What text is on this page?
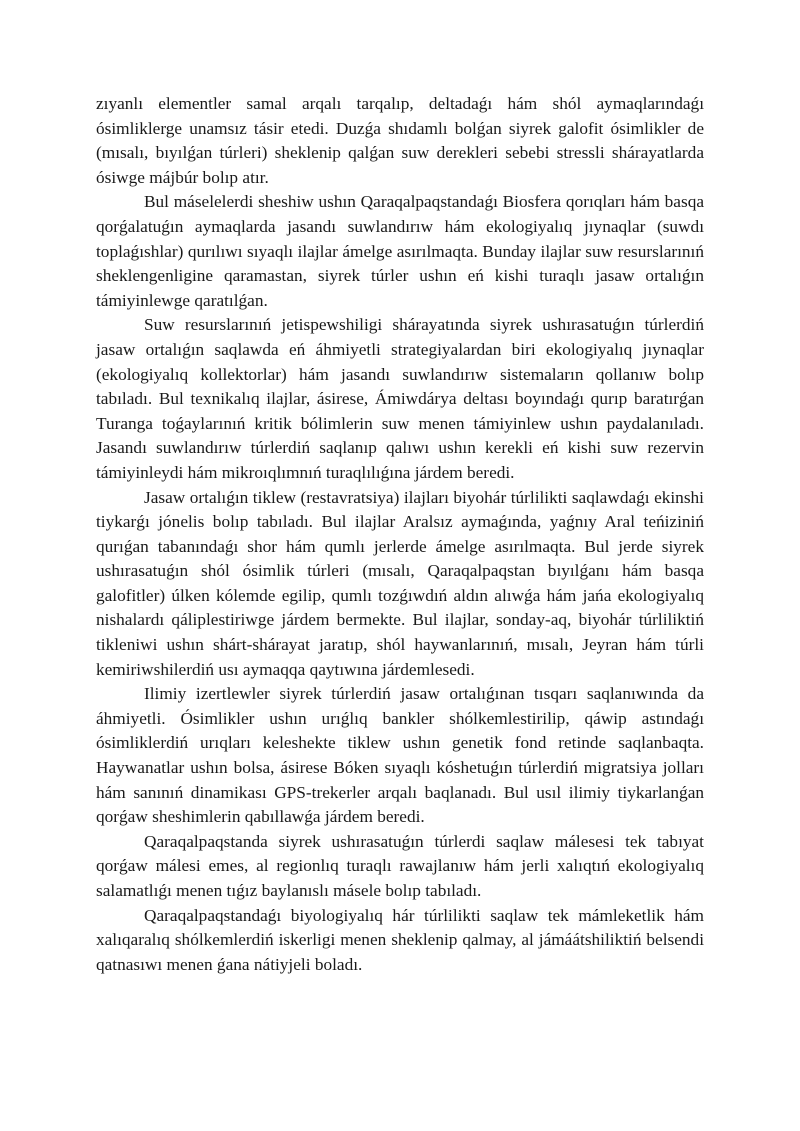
zıyanlı elementler samal arqalı tarqalıp, deltadaǵı hám shól aymaqlarındaǵı ósimliklerge unamsız tásir etedi. Duzǵa shıdamlı bolǵan siyrek galofit ósimlikler de (mısalı, bıyılǵan túrleri) sheklenip qalǵan suw derekleri sebebi stressli shárayatlarda ósiwge májbúr bolıp atır.

Bul máselelerdi sheshiw ushın Qaraqalpaqstandaǵı Biosfera qorıqları hám basqa qorǵalatuǵın aymaqlarda jasandı suwlandırıw hám ekologiyalıq jıynaqlar (suwdı toplaǵıshlar) qurılıwı sıyaqlı ilajlar ámelge asırılmaqta. Bunday ilajlar suw resurslarınıń sheklengenligine qaramastan, siyrek túrler ushın eń kishi turaqlı jasaw ortalıǵın támiyinlewge qaratılǵan.

Suw resurslarınıń jetispewshiligi shárayatında siyrek ushırasatuǵın túrlerdiń jasaw ortalıǵın saqlawda eń áhmiyetli strategiyalardan biri ekologiyalıq jıynaqlar (ekologiyalıq kollektorlar) hám jasandı suwlandırıw sistemaların qollanıw bolıp tabıladı. Bul texnikalıq ilajlar, ásirese, Ámiwdárya deltası boyındaǵı qurıp baratırǵan Turanga toǵaylarınıń kritik bólimlerin suw menen támiyinlew ushın paydalanıladı. Jasandı suwlandırıw túrlerdiń saqlanıp qalıwı ushın kerekli eń kishi suw rezervin támiyinleydi hám mikroıqlımnıń turaqlılıǵına járdem beredi.

Jasaw ortalıǵın tiklew (restavratsiya) ilajları biyohár túrlilikti saqlawdaǵı ekinshi tiykarǵı jónelis bolıp tabıladı. Bul ilajlar Aralsız aymaǵında, yaǵnıy Aral teńiziniń qurıǵan tabanındaǵı shor hám qumlı jerlerde ámelge asırılmaqta. Bul jerde siyrek ushırasatuǵın shól ósimlik túrleri (mısalı, Qaraqalpaqstan bıyılǵanı hám basqa galofitler) úlken kólemde egilip, qumlı tozǵıwdıń aldın alıwǵa hám jańa ekologiyalıq nishalardı qáliplestiriwge járdem bermekte. Bul ilajlar, sonday-aq, biyohár túrliliktiń tikleniwi ushın shárt-shárayat jaratıp, shól haywanlarınıń, mısalı, Jeyran hám túrli kemiriwshilerdiń usı aymaqqa qaytıwına járdemlesedi.

Ilimiy izertlewler siyrek túrlerdiń jasaw ortalıǵınan tısqarı saqlanıwında da áhmiyetli. Ósimlikler ushın urıǵlıq bankler shólkemlestirilip, qáwip astındaǵı ósimliklerdiń urıqları keleshekte tiklew ushın genetik fond retinde saqlanbaqta. Haywanatlar ushın bolsa, ásirese Bóken sıyaqlı kóshetuǵın túrlerdiń migratsiya jolları hám sanınıń dinamikası GPS-trekerler arqalı baqlanadı. Bul usıl ilimiy tiykarlanǵan qorǵaw sheshimlerin qabıllawǵa járdem beredi.

Qaraqalpaqstanda siyrek ushırasatuǵın túrlerdi saqlaw málesesi tek tabıyat qorǵaw málesi emes, al regionlıq turaqlı rawajlanıw hám jerli xalıqtıń ekologiyalıq salamatlıǵı menen tıǵız baylanıslı másele bolıp tabıladı.

Qaraqalpaqstandaǵı biyologiyalıq hár túrlilikti saqlaw tek mámleketlik hám xalıqaralıq shólkemlerdiń iskerligi menen sheklenip qalmay, al jámáátshiliktiń belsendi qatnasıwı menen ǵana nátiyjeli boladı.
